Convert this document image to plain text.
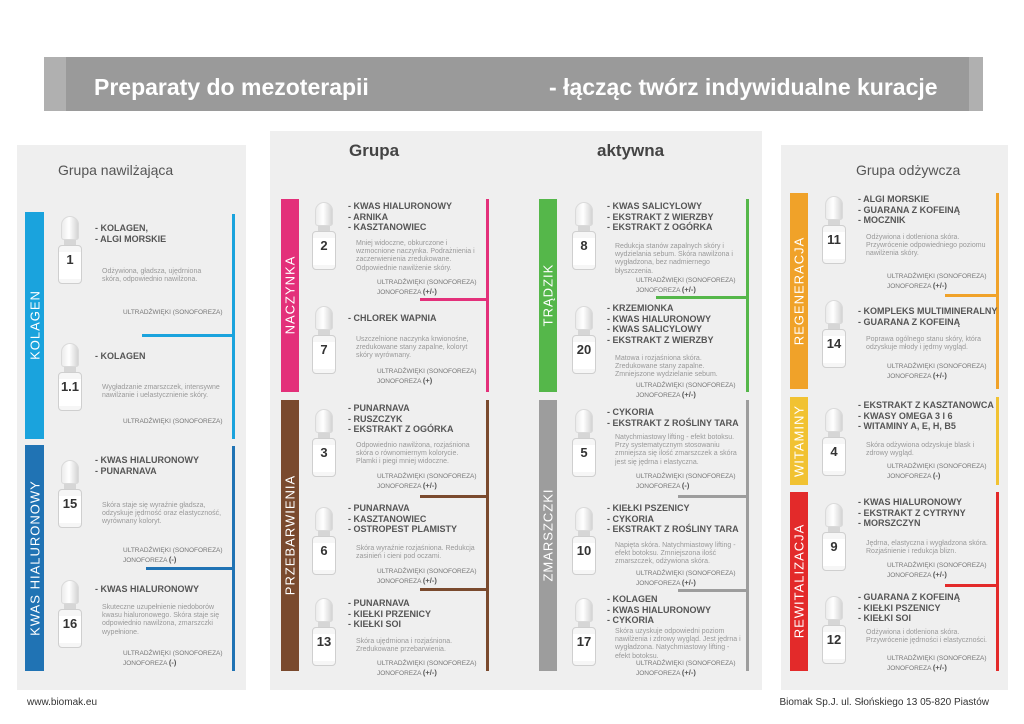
Preparaty do mezoterapii	- łącząc twórz indywidualne kuracje
Grupa nawilżająca
Grupa	aktywna
Grupa odżywcza
KOLAGEN
KWAS HIALURONOWY
NACZYNKA
PRZEBARWIENIA
TRĄDZIK
ZMARSZCZKI
REGENERACJA
WITAMINY
REWITALIZACJA
1
- KOLAGEN,
- ALGI MORSKIE
Odżywiona, gładsza, ujędrniona skóra, odpowiednio nawilżona.
ULTRADŹWIĘKI (SONOFOREZA)
1.1
- KOLAGEN
Wygładzanie zmarszczek, intensywne nawilżanie i uelastycznienie skóry.
ULTRADŹWIĘKI (SONOFOREZA)
15
- KWAS HIALURONOWY
- PUNARNAVA
Skóra staje się wyraźnie gładsza, odzyskuje jędrność oraz elastyczność, wyrównany koloryt.
ULTRADŹWIĘKI (SONOFOREZA)
JONOFOREZA (-)
16
- KWAS HIALURONOWY
Skuteczne uzupełnienie niedoborów kwasu hialuronowego. Skóra staje się odpowiednio nawilżona, zmarszczki wypełnione.
ULTRADŹWIĘKI (SONOFOREZA)
JONOFOREZA (-)
2
- KWAS HIALURONOWY
- ARNIKA
- KASZTANOWIEC
Mniej widoczne, obkurczone i wzmocnione naczynka. Podrażnienia i zaczerwienienia zredukowane. Odpowiednie nawilżenie skóry.
ULTRADŹWIĘKI (SONOFOREZA)
JONOFOREZA (+/-)
7
- CHLOREK WAPNIA
Uszczelnione naczynka krwionośne, zredukowane stany zapalne, koloryt skóry wyrównany.
ULTRADŹWIĘKI (SONOFOREZA)
JONOFOREZA (+)
3
- PUNARNAVA
- RUSZCZYK
- EKSTRAKT Z OGÓRKA
Odpowiednio nawilżona, rozjaśniona skóra o równomiernym kolorycie. Plamki i piegi mniej widoczne.
ULTRADŹWIĘKI (SONOFOREZA)
JONOFOREZA (+/-)
6
- PUNARNAVA
- KASZTANOWIEC
- OSTROPEST PLAMISTY
Skóra wyraźnie rozjaśniona. Redukcja zasinień i cieni pod oczami.
ULTRADŹWIĘKI (SONOFOREZA)
JONOFOREZA (+/-)
13
- PUNARNAVA
- KIEŁKI PRZENICY
- KIEŁKI SOI
Skóra ujędrniona i rozjaśniona. Zredukowane przebarwienia.
ULTRADŹWIĘKI (SONOFOREZA)
JONOFOREZA (+/-)
8
- KWAS SALICYLOWY
- EKSTRAKT Z WIERZBY
- EKSTRAKT Z OGÓRKA
Redukcja stanów zapalnych skóry i wydzielania sebum. Skóra nawilżona i wygładzona, bez nadmiernego błyszczenia.
ULTRADŹWIĘKI (SONOFOREZA)
JONOFOREZA (+/-)
20
- KRZEMIONKA
- KWAS HIALURONOWY
- KWAS SALICYLOWY
- EKSTRAKT Z WIERZBY
Matowa i rozjaśniona skóra. Zredukowane stany zapalne. Zmniejszone wydzielanie sebum.
ULTRADŹWIĘKI (SONOFOREZA)
JONOFOREZA (+/-)
5
- CYKORIA
- EKSTRAKT Z ROŚLINY TARA
Natychmiastowy lifting - efekt botoksu. Przy systematycznym stosowaniu zmniejsza się ilość zmarszczek a skóra jest się jędrna i elastyczna.
ULTRADŹWIĘKI (SONOFOREZA)
JONOFOREZA (-)
10
- KIEŁKI PSZENICY
- CYKORIA
- EKSTRAKT Z ROŚLINY TARA
Napięta skóra. Natychmiastowy lifting - efekt botoksu. Zmniejszona ilość zmarszczek, odżywiona skóra.
ULTRADŹWIĘKI (SONOFOREZA)
JONOFOREZA (+/-)
17
- KOLAGEN
- KWAS HIALURONOWY
- CYKORIA
Skóra uzyskuje odpowiedni poziom nawilżenia i zdrowy wygląd. Jest jędrna i wygładzona. Natychmiastowy lifting - efekt botoksu.
ULTRADŹWIĘKI (SONOFOREZA)
JONOFOREZA (+/-)
11
- ALGI MORSKIE
- GUARANA Z KOFEINĄ
- MOCZNIK
Odżywiona i dotleniona skóra. Przywrócenie odpowiedniego poziomu nawilżenia skóry.
ULTRADŹWIĘKI (SONOFOREZA)
JONOFOREZA (+/-)
14
- KOMPLEKS MULTIMINERALNY
- GUARANA Z KOFEINĄ
Poprawa ogólnego stanu skóry, która odzyskuje młody i jędrny wygląd.
ULTRADŹWIĘKI (SONOFOREZA)
JONOFOREZA (+/-)
4
- EKSTRAKT Z KASZTANOWCA
- KWASY OMEGA 3 I 6
- WITAMINY A, E, H, B5
Skóra odżywiona odzyskuje blask i zdrowy wygląd.
ULTRADŹWIĘKI (SONOFOREZA)
JONOFOREZA (-)
9
- KWAS HIALURONOWY
- EKSTRAKT Z CYTRYNY
- MORSZCZYN
Jędrna, elastyczna i wygładzona skóra. Rozjaśnienie i redukcja blizn.
ULTRADŹWIĘKI (SONOFOREZA)
JONOFOREZA (+/-)
12
- GUARANA Z KOFEINĄ
- KIEŁKI PSZENICY
- KIEŁKI SOI
Odżywiona i dotleniona skóra. Przywrócenie jędrności i elastyczności.
ULTRADŹWIĘKI (SONOFOREZA)
JONOFOREZA (+/-)
www.biomak.eu	Biomak Sp.J. ul. Słońskiego 13 05-820 Piastów
